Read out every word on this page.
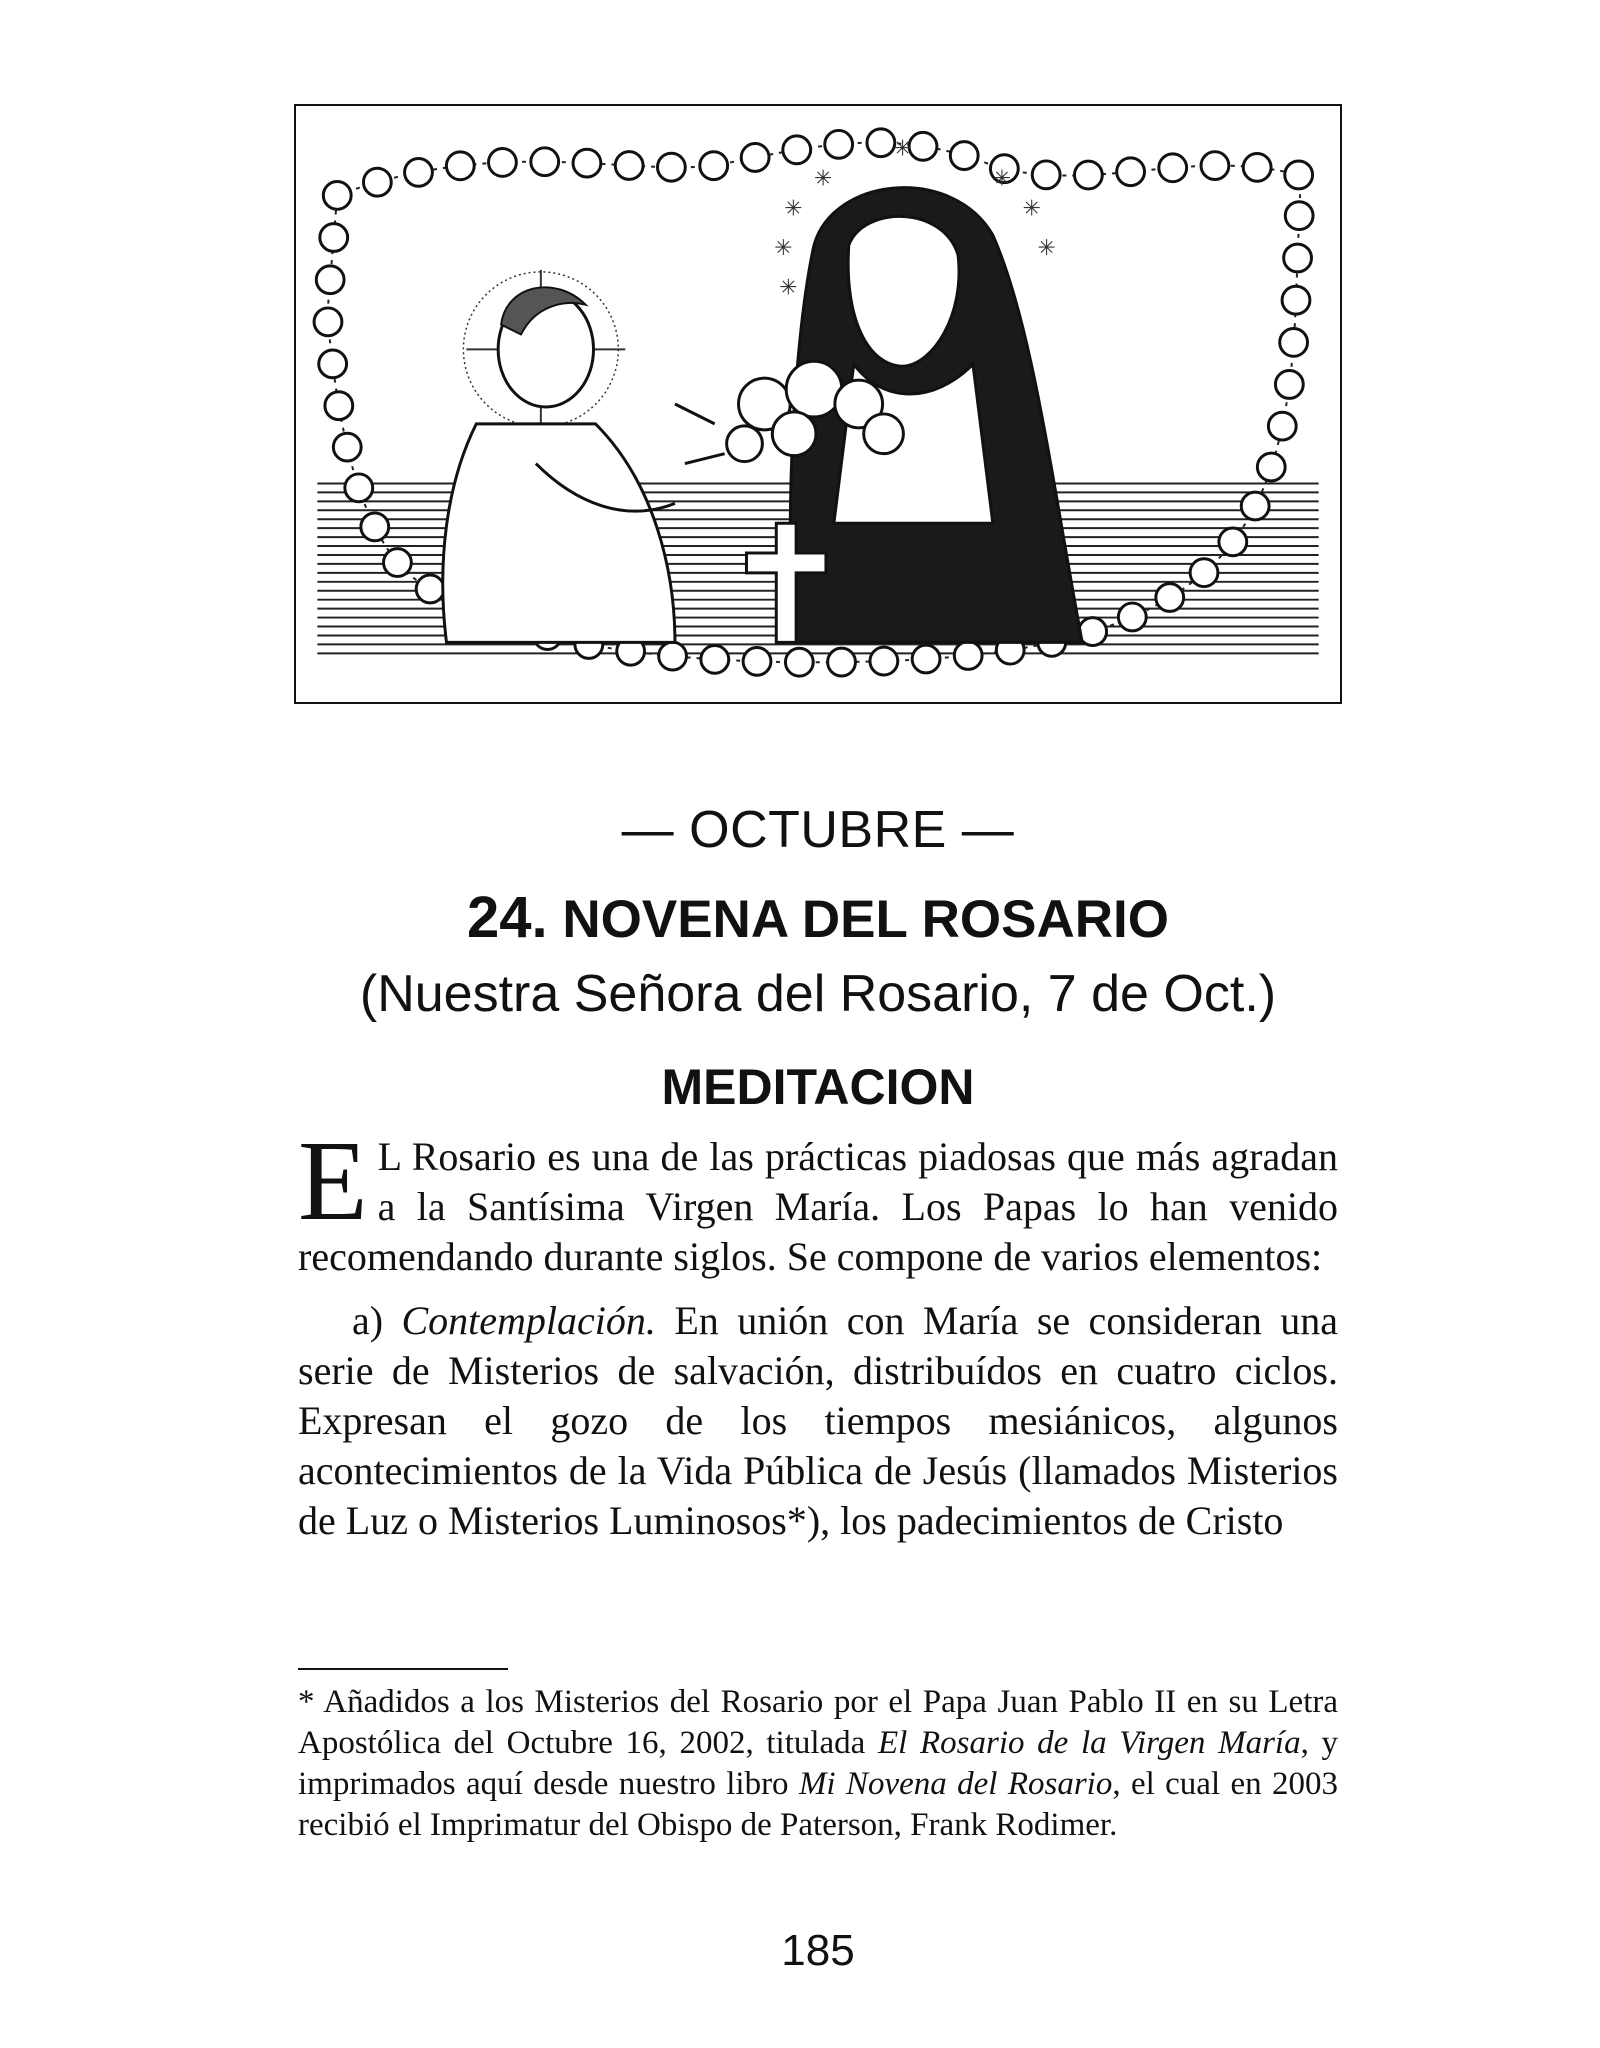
✳
✳
✳
✳
✳
✳
✳
✳
— OCTUBRE —
24. NOVENA DEL ROSARIO
(Nuestra Señora del Rosario, 7 de Oct.)
MEDITACION

E L Rosario es una de las prácticas piadosas que más agradan a la Santísima Virgen María. Los Papas lo han venido recomendando durante siglos. Se compone de varios elementos:

a) Contemplación. En unión con María se consideran una serie de Misterios de salvación, distribuídos en cuatro ciclos. Expresan el gozo de los tiempos mesiánicos, algunos acontecimientos de la Vida Pública de Jesús (llamados Misterios de Luz o Misterios Luminosos*), los padecimientos de Cristo

* Añadidos a los Misterios del Rosario por el Papa Juan Pablo II en su Letra Apostólica del Octubre 16, 2002, titulada El Rosario de la Virgen María, y imprimados aquí desde nuestro libro Mi Novena del Rosario, el cual en 2003 recibió el Imprimatur del Obispo de Paterson, Frank Rodimer.

185
